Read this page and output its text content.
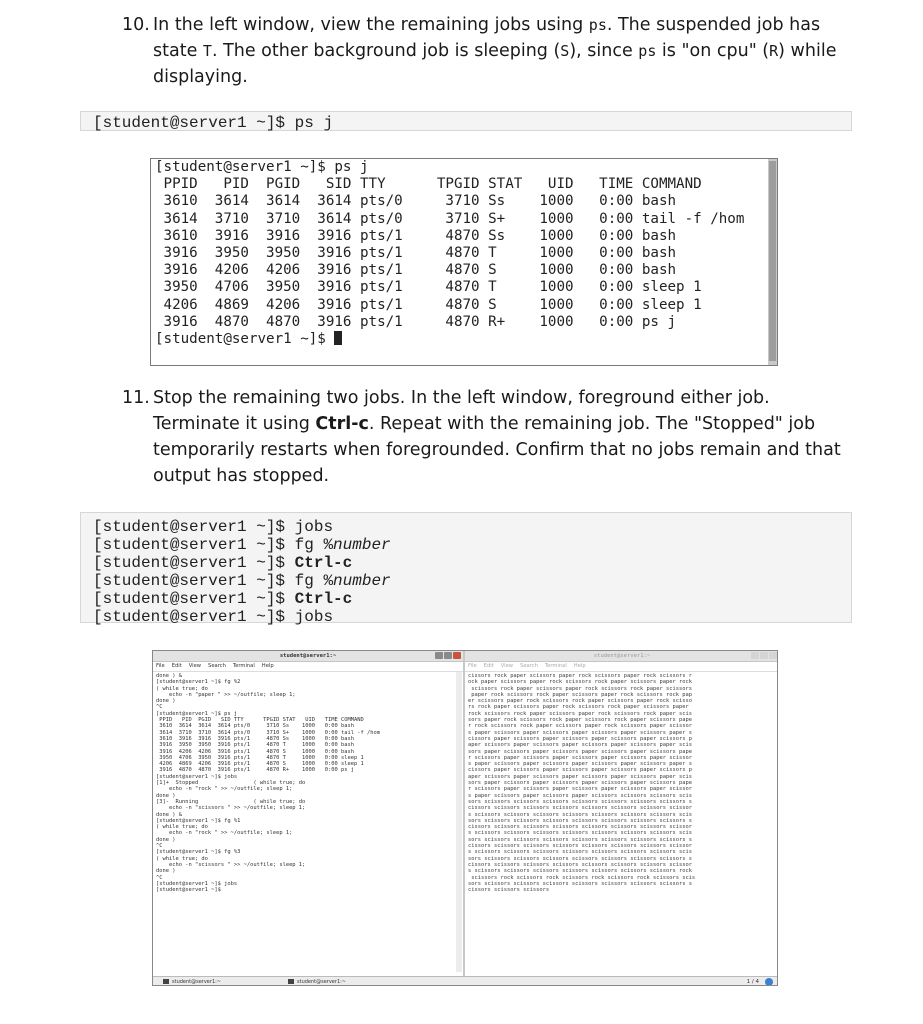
10. In the left window, view the remaining jobs using ps. The suspended job has state T. The other background job is sleeping (S), since ps is "on cpu" (R) while displaying.
[student@server1 ~]$ ps j
[student@server1 ~]$ ps j
PPID   PID  PGID   SID TTY      TPGID STAT   UID   TIME COMMAND
3610  3614  3614  3614 pts/0     3710 Ss    1000   0:00 bash
3614  3710  3710  3614 pts/0     3710 S+    1000   0:00 tail -f /hom
3610  3916  3916  3916 pts/1     4870 Ss    1000   0:00 bash
3916  3950  3950  3916 pts/1     4870 T     1000   0:00 bash
3916  4206  4206  3916 pts/1     4870 S     1000   0:00 bash
3950  4706  3950  3916 pts/1     4870 T     1000   0:00 sleep 1
4206  4869  4206  3916 pts/1     4870 S     1000   0:00 sleep 1
3916  4870  4870  3916 pts/1     4870 R+    1000   0:00 ps j
[student@server1 ~]$
11. Stop the remaining two jobs. In the left window, foreground either job. Terminate it using Ctrl-c. Repeat with the remaining job. The "Stopped" job temporarily restarts when foregrounded. Confirm that no jobs remain and that output has stopped.
[student@server1 ~]$ jobs
[student@server1 ~]$ fg %number
[student@server1 ~]$ Ctrl-c
[student@server1 ~]$ fg %number
[student@server1 ~]$ Ctrl-c
[student@server1 ~]$ jobs
student@server1:~
File Edit View Search Terminal Help
done ) &
[student@server1 ~]$ fg %2
( while true; do
echo -n "paper " >> ~/outfile; sleep 1;
done )
^C
[student@server1 ~]$ ps j
PPID   PID  PGID   SID TTY      TPGID STAT   UID   TIME COMMAND
3610  3614  3614  3614 pts/0     3710 Ss    1000   0:00 bash
3614  3710  3710  3614 pts/0     3710 S+    1000   0:00 tail -f /hom
3610  3916  3916  3916 pts/1     4870 Ss    1000   0:00 bash
3916  3950  3950  3916 pts/1     4870 T     1000   0:00 bash
3916  4206  4206  3916 pts/1     4870 S     1000   0:00 bash
3950  4706  3950  3916 pts/1     4870 T     1000   0:00 sleep 1
4206  4869  4206  3916 pts/1     4870 S     1000   0:00 sleep 1
3916  4870  4870  3916 pts/1     4870 R+    1000   0:00 ps j
[student@server1 ~]$ jobs
[1]+  Stopped                 ( while true; do
echo -n "rock " >> ~/outfile; sleep 1;
done )
[3]-  Running                 ( while true; do
echo -n "scissors " >> ~/outfile; sleep 1;
done ) &
[student@server1 ~]$ fg %1
( while true; do
echo -n "rock " >> ~/outfile; sleep 1;
done )
^C
[student@server1 ~]$ fg %3
( while true; do
echo -n "scissors " >> ~/outfile; sleep 1;
done )
^C
[student@server1 ~]$ jobs
[student@server1 ~]$
student@server1:~
File Edit View Search Terminal Help
cissors rock paper scissors paper rock scissors paper rock scissors r
ock paper scissors paper rock scissors rock paper scissors paper rock
scissors rock paper scissors paper rock scissors rock paper scissors
paper rock scissors rock paper scissors paper rock scissors rock pap
er scissors paper rock scissors rock paper scissors paper rock scisso
rs rock paper scissors paper rock scissors rock paper scissors paper
rock scissors rock paper scissors paper rock scissors rock paper scis
sors paper rock scissors rock paper scissors rock paper scissors pape
r rock scissors rock paper scissors paper rock scissors paper scissor
s paper scissors paper scissors paper scissors paper scissors paper s
cissors paper scissors paper scissors paper scissors paper scissors p
aper scissors paper scissors paper scissors paper scissors paper scis
sors paper scissors paper scissors paper scissors paper scissors pape
r scissors paper scissors paper scissors paper scissors paper scissor
s paper scissors paper scissors paper scissors paper scissors paper s
cissors paper scissors paper scissors paper scissors paper scissors p
aper scissors paper scissors paper scissors paper scissors paper scis
sors paper scissors paper scissors paper scissors paper scissors pape
r scissors paper scissors paper scissors paper scissors paper scissor
s paper scissors paper scissors paper scissors scissors scissors scis
sors scissors scissors scissors scissors scissors scissors scissors s
cissors scissors scissors scissors scissors scissors scissors scissor
s scissors scissors scissors scissors scissors scissors scissors scis
sors scissors scissors scissors scissors scissors scissors scissors s
cissors scissors scissors scissors scissors scissors scissors scissor
s scissors scissors scissors scissors scissors scissors scissors scis
sors scissors scissors scissors scissors scissors scissors scissors s
cissors scissors scissors scissors scissors scissors scissors scissor
s scissors scissors scissors scissors scissors scissors scissors scis
sors scissors scissors scissors scissors scissors scissors scissors s
cissors scissors scissors scissors scissors scissors scissors scissor
s scissors scissors scissors scissors scissors scissors scissors rock
scissors rock scissors rock scissors rock scissors rock scissors scis
sors scissors scissors scissors scissors scissors scissors scissors s
cissors scissors scissors
student@server1:~	student@server1:~	1 / 4
